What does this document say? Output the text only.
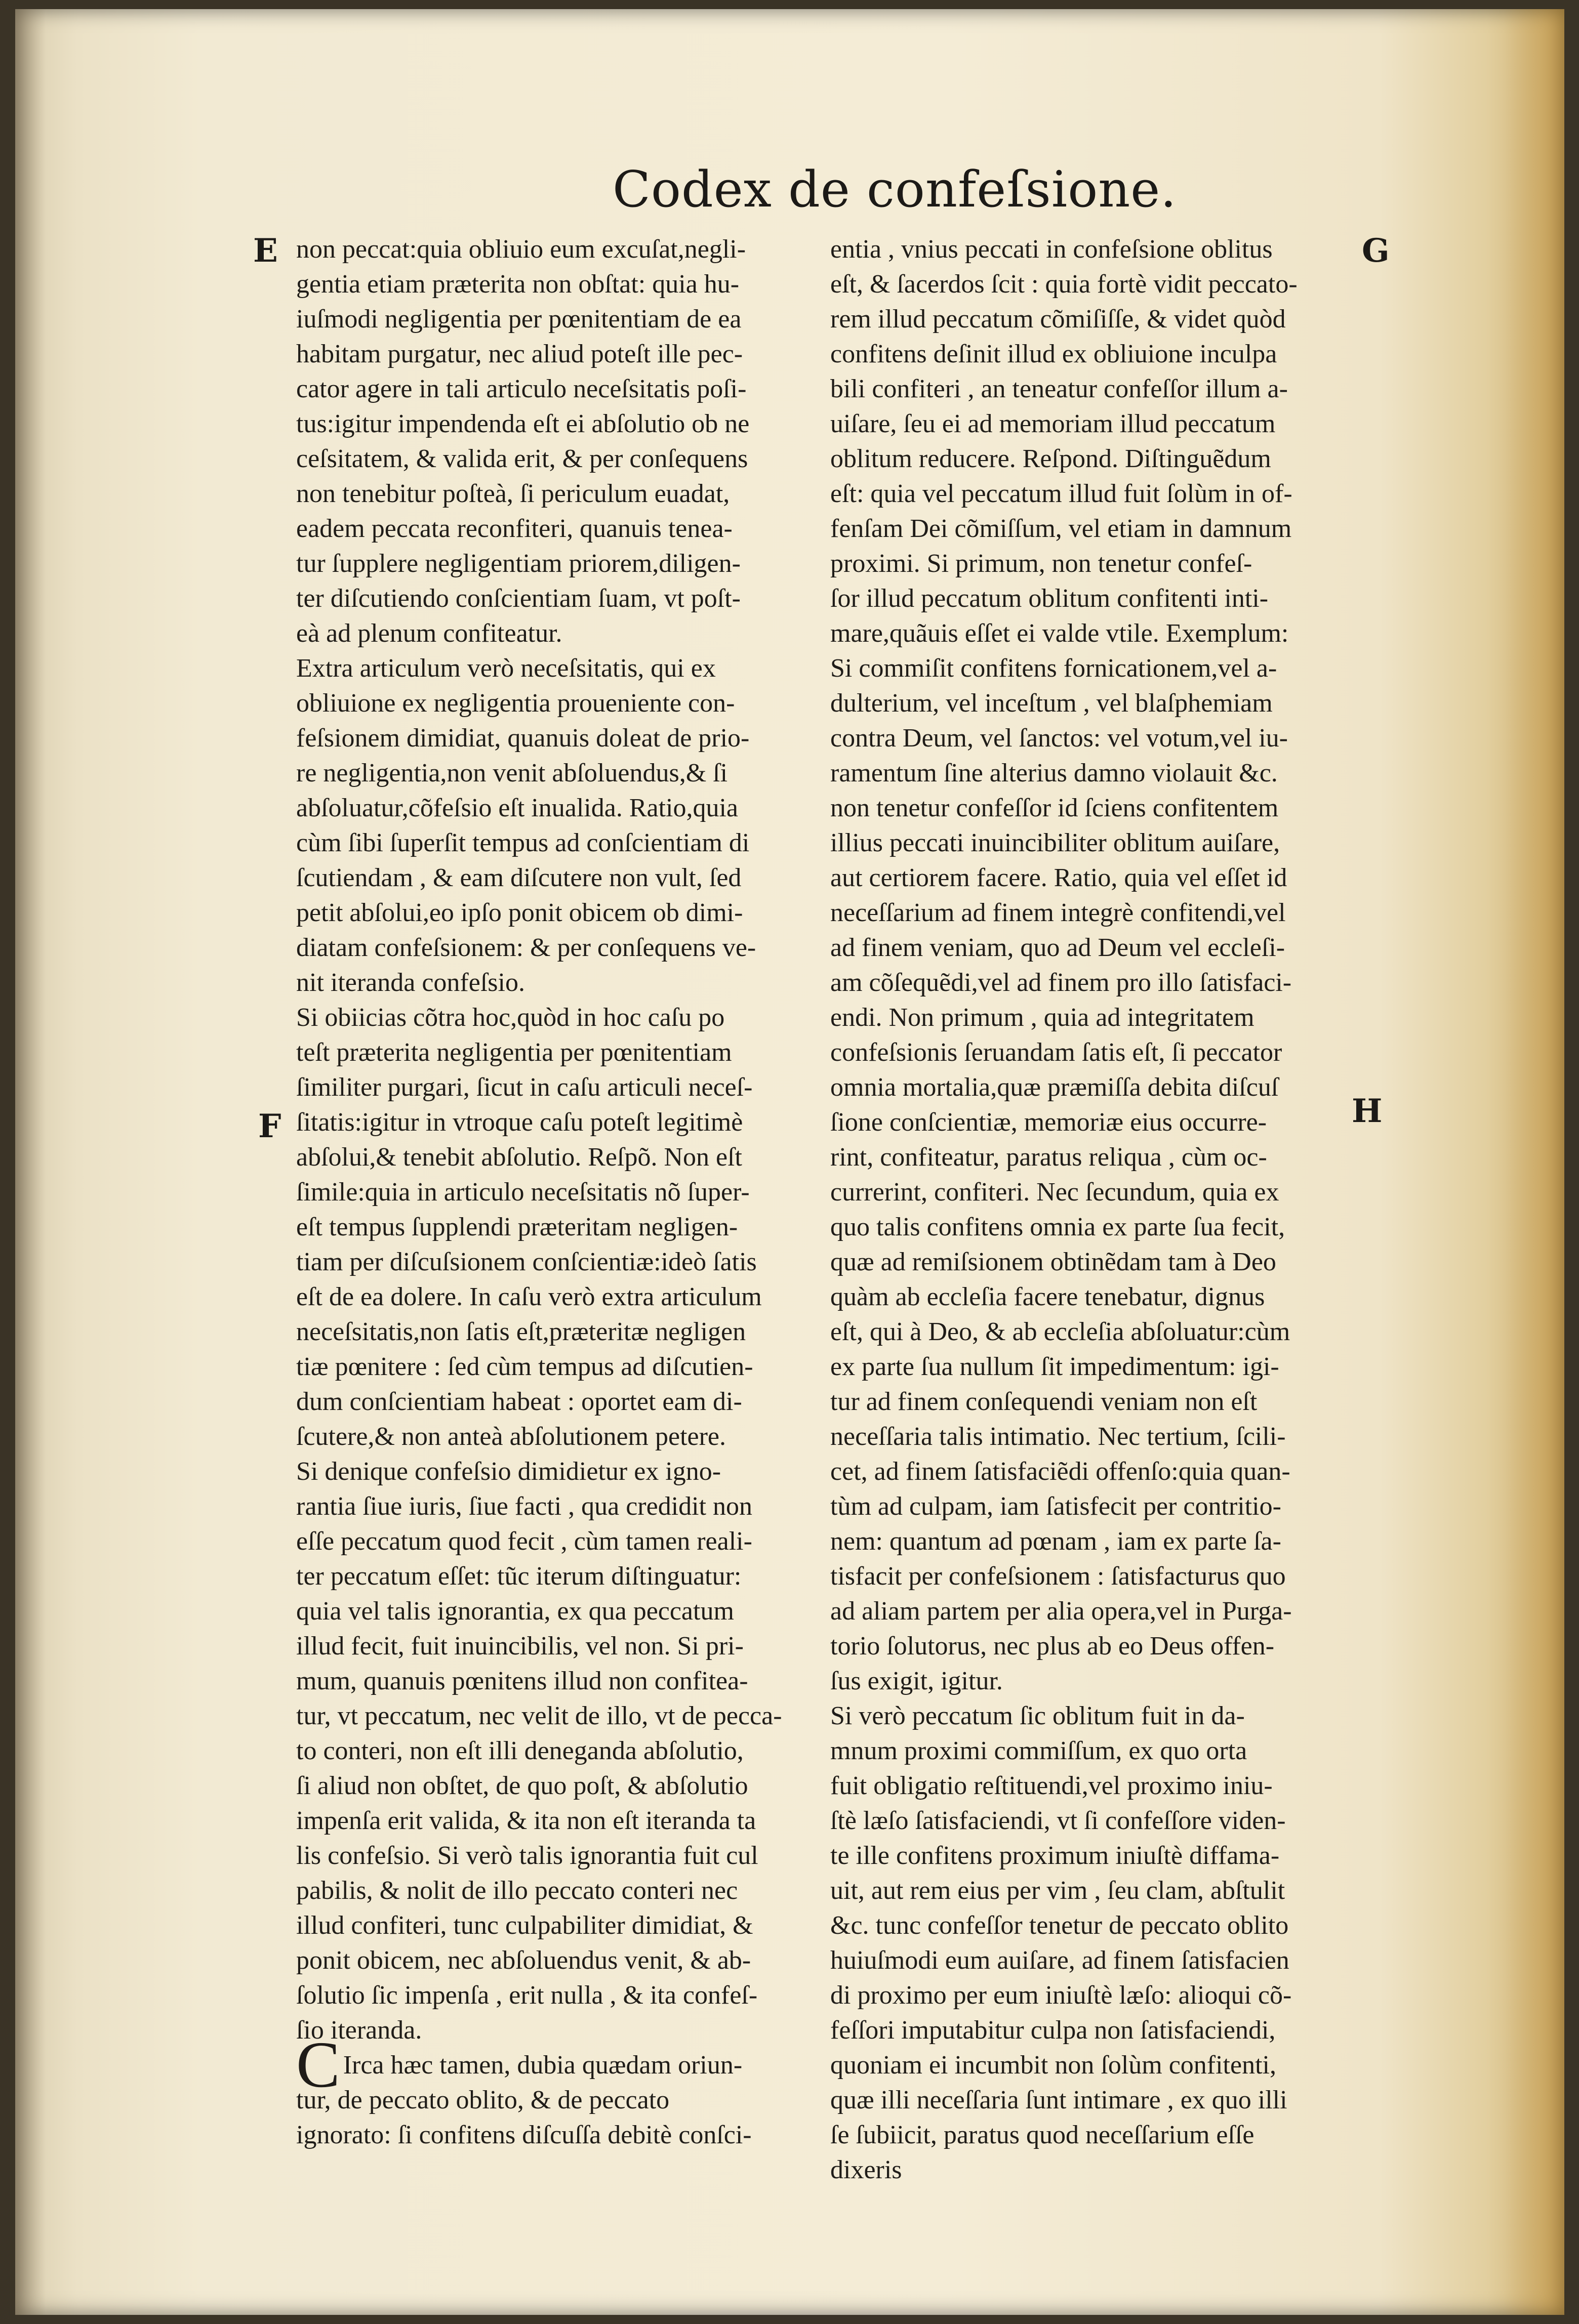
Codex de confeſsione.
E
F
G
H
non peccat:quia obliuio eum excuſat,negli-
gentia etiam præterita non obſtat: quia hu-
iuſmodi negligentia per pœnitentiam de ea
habitam purgatur, nec aliud poteſt ille pec-
cator agere in tali articulo neceſsitatis poſi-
tus:igitur impendenda eſt ei abſolutio ob ne
ceſsitatem, & valida erit, & per conſequens
non tenebitur poſteà, ſi periculum euadat,
eadem peccata reconfiteri, quanuis tenea-
tur ſupplere negligentiam priorem,diligen-
ter diſcutiendo conſcientiam ſuam, vt poſt-
eà ad plenum confiteatur.
Extra articulum verò neceſsitatis, qui ex
obliuione ex negligentia proueniente con-
feſsionem dimidiat, quanuis doleat de prio-
re negligentia,non venit abſoluendus,& ſi
abſoluatur,cõfeſsio eſt inualida. Ratio,quia
cùm ſibi ſuperſit tempus ad conſcientiam di
ſcutiendam , & eam diſcutere non vult, ſed
petit abſolui,eo ipſo ponit obicem ob dimi-
diatam confeſsionem: & per conſequens ve-
nit iteranda confeſsio.
Si obiicias cõtra hoc,quòd in hoc caſu po
teſt præterita negligentia per pœnitentiam
ſimiliter purgari, ſicut in caſu articuli neceſ-
ſitatis:igitur in vtroque caſu poteſt legitimè
abſolui,& tenebit abſolutio. Reſpõ. Non eſt
ſimile:quia in articulo neceſsitatis nõ ſuper-
eſt tempus ſupplendi præteritam negligen-
tiam per diſcuſsionem conſcientiæ:ideò ſatis
eſt de ea dolere. In caſu verò extra articulum
neceſsitatis,non ſatis eſt,præteritæ negligen
tiæ pœnitere : ſed cùm tempus ad diſcutien-
dum conſcientiam habeat : oportet eam di-
ſcutere,& non anteà abſolutionem petere.
Si denique confeſsio dimidietur ex igno-
rantia ſiue iuris, ſiue facti , qua credidit non
eſſe peccatum quod fecit , cùm tamen reali-
ter peccatum eſſet: tũc iterum diſtinguatur:
quia vel talis ignorantia, ex qua peccatum
illud fecit, fuit inuincibilis, vel non. Si pri-
mum, quanuis pœnitens illud non confitea-
tur, vt peccatum, nec velit de illo, vt de pecca-
to conteri, non eſt illi deneganda abſolutio,
ſi aliud non obſtet, de quo poſt, & abſolutio
impenſa erit valida, & ita non eſt iteranda ta
lis confeſsio. Si verò talis ignorantia fuit cul
pabilis, & nolit de illo peccato conteri nec
illud confiteri, tunc culpabiliter dimidiat, &
ponit obicem, nec abſoluendus venit, & ab-
ſolutio ſic impenſa , erit nulla , & ita confeſ-
ſio iteranda.
C Irca hæc tamen, dubia quædam oriun-
tur, de peccato oblito, & de peccato
ignorato: ſi confitens diſcuſſa debitè conſci-
entia , vnius peccati in confeſsione oblitus
eſt, & ſacerdos ſcit : quia fortè vidit peccato-
rem illud peccatum cõmiſiſſe, & videt quòd
confitens deſinit illud ex obliuione inculpa
bili confiteri , an teneatur confeſſor illum a-
uiſare, ſeu ei ad memoriam illud peccatum
oblitum reducere. Reſpond. Diſtinguẽdum
eſt: quia vel peccatum illud fuit ſolùm in of-
fenſam Dei cõmiſſum, vel etiam in damnum
proximi. Si primum, non tenetur confeſ-
ſor illud peccatum oblitum confitenti inti-
mare,quãuis eſſet ei valde vtile. Exemplum:
Si commiſit confitens fornicationem,vel a-
dulterium, vel inceſtum , vel blaſphemiam
contra Deum, vel ſanctos: vel votum,vel iu-
ramentum ſine alterius damno violauit &c.
non tenetur confeſſor id ſciens confitentem
illius peccati inuincibiliter oblitum auiſare,
aut certiorem facere. Ratio, quia vel eſſet id
neceſſarium ad finem integrè confitendi,vel
ad finem veniam, quo ad Deum vel eccleſi-
am cõſequẽdi,vel ad finem pro illo ſatisfaci-
endi. Non primum , quia ad integritatem
confeſsionis ſeruandam ſatis eſt, ſi peccator
omnia mortalia,quæ præmiſſa debita diſcuſ
ſione conſcientiæ, memoriæ eius occurre-
rint, confiteatur, paratus reliqua , cùm oc-
currerint, confiteri. Nec ſecundum, quia ex
quo talis confitens omnia ex parte ſua fecit,
quæ ad remiſsionem obtinẽdam tam à Deo
quàm ab eccleſia facere tenebatur, dignus
eſt, qui à Deo, & ab eccleſia abſoluatur:cùm
ex parte ſua nullum ſit impedimentum: igi-
tur ad finem conſequendi veniam non eſt
neceſſaria talis intimatio. Nec tertium, ſcili-
cet, ad finem ſatisfaciẽdi offenſo:quia quan-
tùm ad culpam, iam ſatisfecit per contritio-
nem: quantum ad pœnam , iam ex parte ſa-
tisfacit per confeſsionem : ſatisfacturus quo
ad aliam partem per alia opera,vel in Purga-
torio ſolutorus, nec plus ab eo Deus offen-
ſus exigit, igitur.
Si verò peccatum ſic oblitum fuit in da-
mnum proximi commiſſum, ex quo orta
fuit obligatio reſtituendi,vel proximo iniu-
ſtè læſo ſatisfaciendi, vt ſi confeſſore viden-
te ille confitens proximum iniuſtè diffama-
uit, aut rem eius per vim , ſeu clam, abſtulit
&c. tunc confeſſor tenetur de peccato oblito
huiuſmodi eum auiſare, ad finem ſatisfacien
di proximo per eum iniuſtè læſo: alioqui cõ-
feſſori imputabitur culpa non ſatisfaciendi,
quoniam ei incumbit non ſolùm confitenti,
quæ illi neceſſaria ſunt intimare , ex quo illi
ſe ſubiicit, paratus quod neceſſarium eſſe
dixeris
